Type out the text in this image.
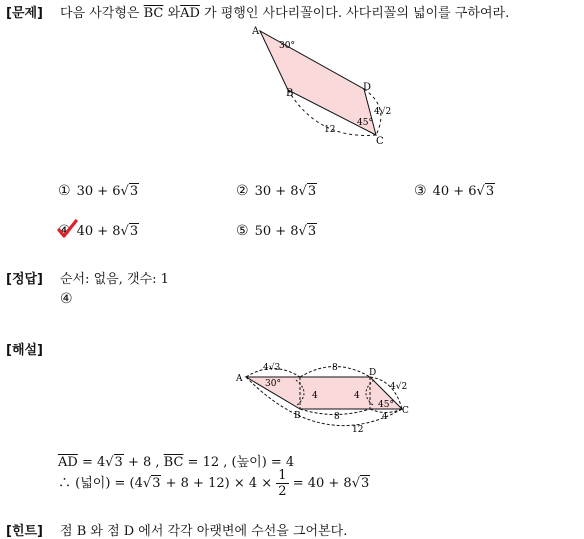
[문제] 다음 사각형은 $\overline{BC}$ 와$\overline{AD}$ 가 평행인 사다리꼴이다. 사다리꼴의 넓이를 구하여라.
A
30°
B
D
4√2
45°
12
C
① 30 + 6√3	② 30 + 8√3	③ 40 + 6√3
④ 40 + 8√3	⑤ 50 + 8√3
[정답] 순서: 없음, 갯수: 1
④
[해설]
A
4√3
30°
8	D
4	4
4√2
45°
B	8	4
C
12
$\overline{AD} = 4√3 + 8$ , $\overline{BC} = 12$ , (높이) = 4
∴ (넓이) = $(4√3 + 8 + 12) \times 4 \times \frac{1}{2} = 40 + 8√3$
[힌트] 점 B 와 점 D 에서 각각 아랫변에 수선을 그어본다.
